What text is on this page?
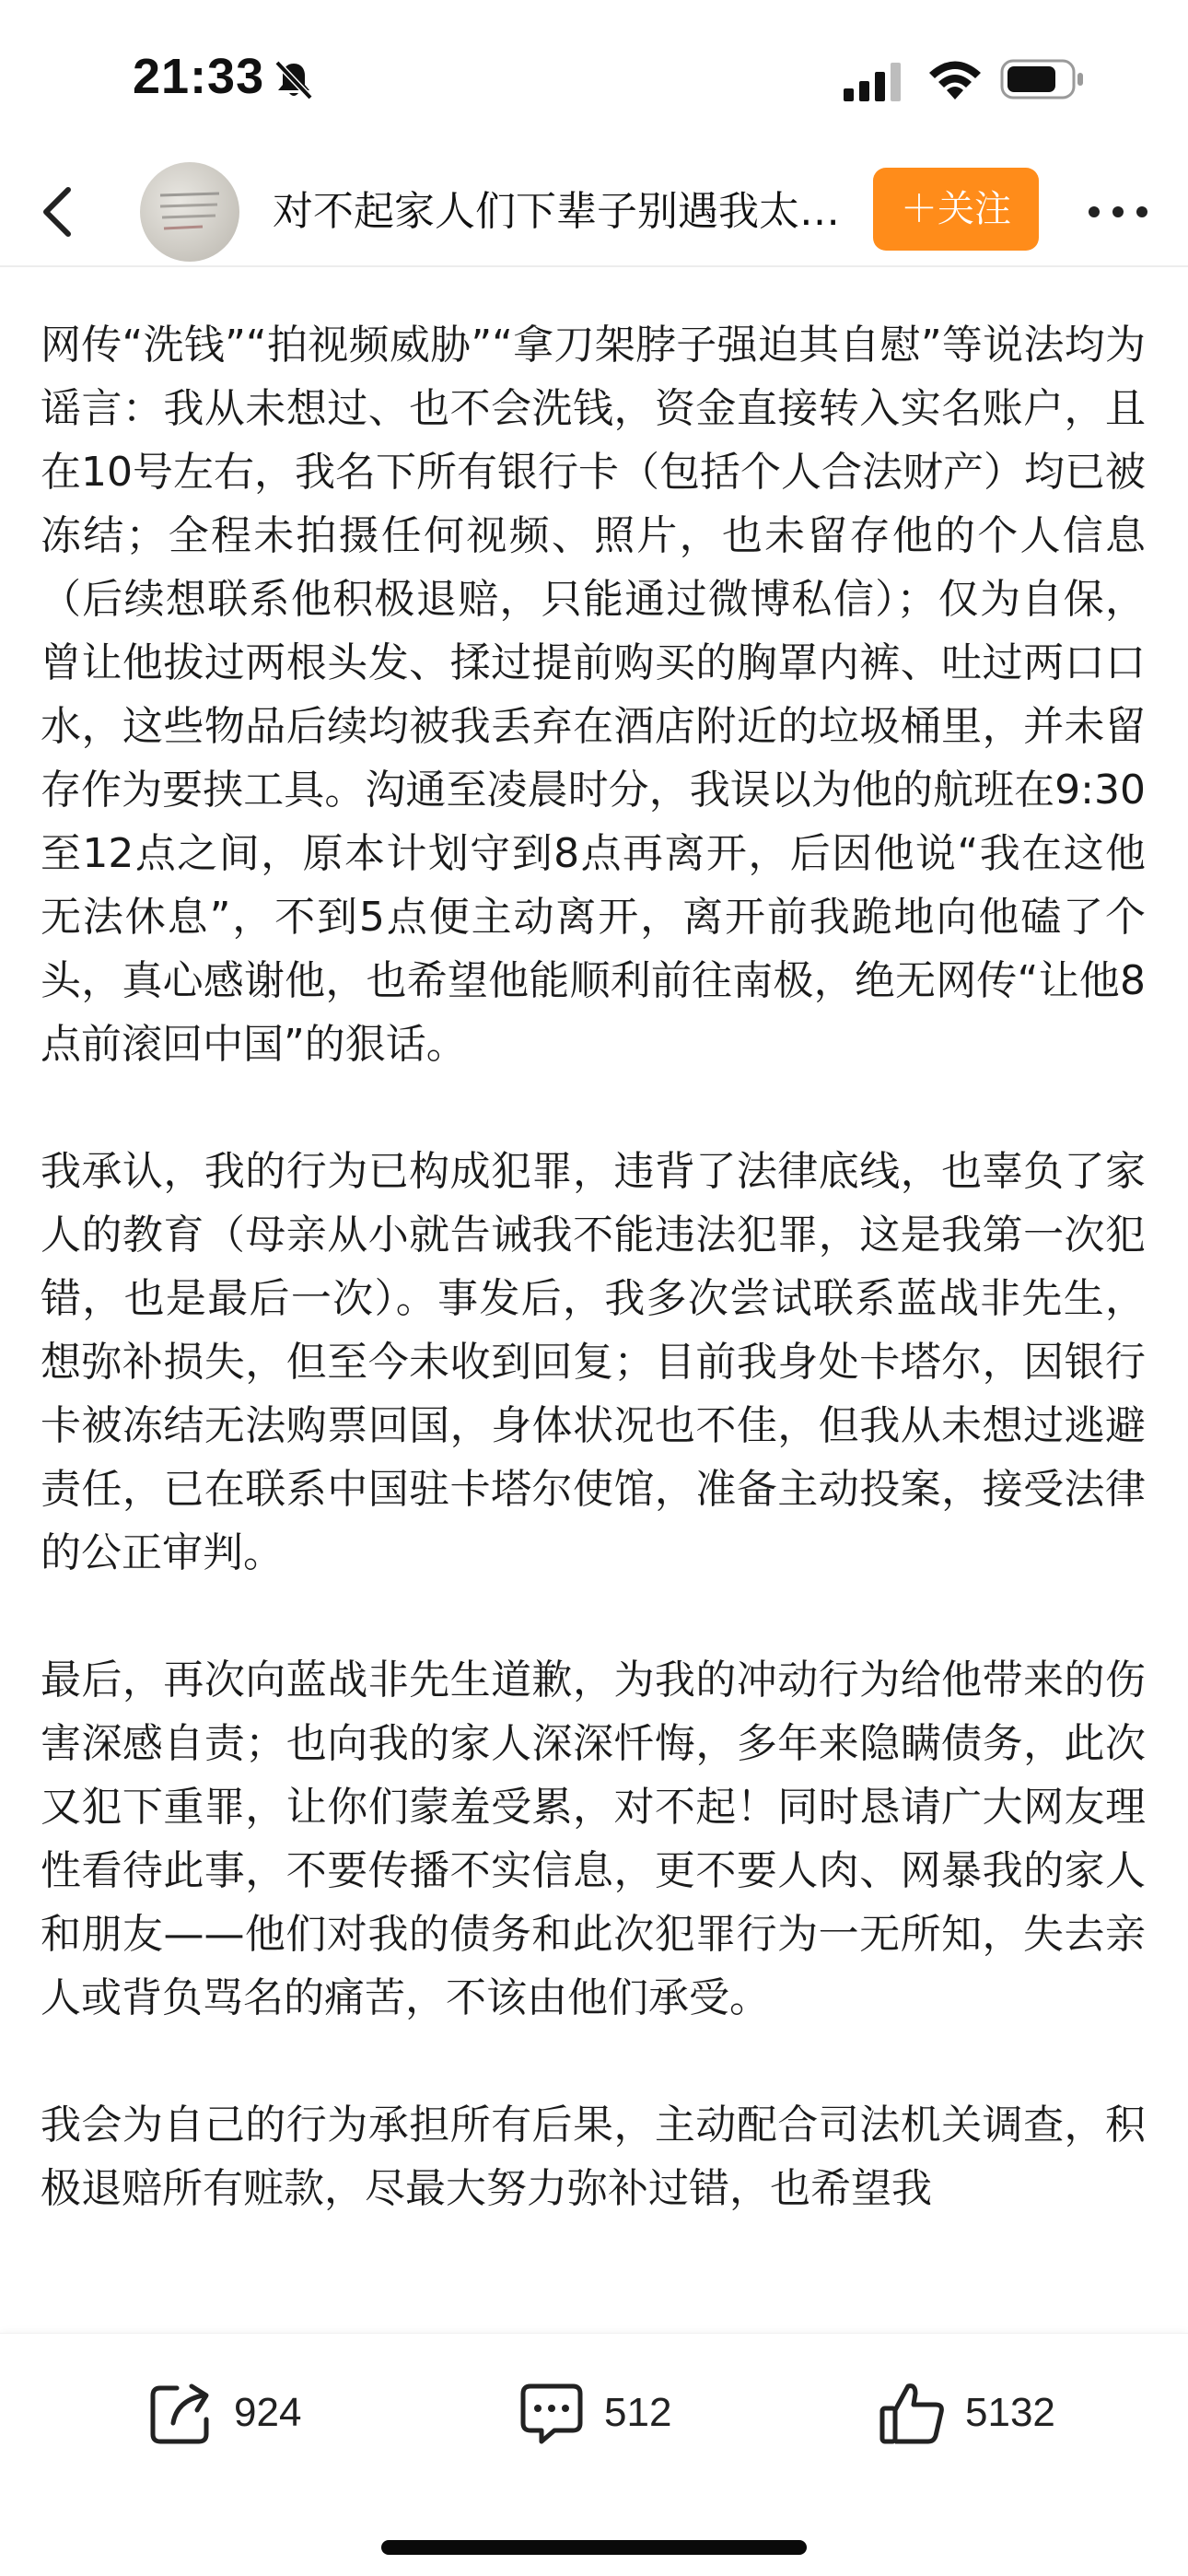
21:33
对不起家人们下辈子别遇我太…	＋关注

网传“洗钱”“拍视频威胁”“拿刀架脖子强迫其自慰”等说法均为谣言：我从未想过、也不会洗钱，资金直接转入实名账户，且在10号左右，我名下所有银行卡（包括个人合法财产）均已被冻结；全程未拍摄任何视频、照片，也未留存他的个人信息（后续想联系他积极退赔，只能通过微博私信）；仅为自保，曾让他拔过两根头发、揉过提前购买的胸罩内裤、吐过两口口水，这些物品后续均被我丢弃在酒店附近的垃圾桶里，并未留存作为要挟工具。沟通至凌晨时分，我误以为他的航班在9:30至12点之间，原本计划守到8点再离开，后因他说“我在这他无法休息”，不到5点便主动离开，离开前我跪地向他磕了个头，真心感谢他，也希望他能顺利前往南极，绝无网传“让他8点前滚回中国”的狠话。

我承认，我的行为已构成犯罪，违背了法律底线，也辜负了家人的教育（母亲从小就告诫我不能违法犯罪，这是我第一次犯错，也是最后一次）。事发后，我多次尝试联系蓝战非先生，想弥补损失，但至今未收到回复；目前我身处卡塔尔，因银行卡被冻结无法购票回国，身体状况也不佳，但我从未想过逃避责任，已在联系中国驻卡塔尔使馆，准备主动投案，接受法律的公正审判。

最后，再次向蓝战非先生道歉，为我的冲动行为给他带来的伤害深感自责；也向我的家人深深忏悔，多年来隐瞒债务，此次又犯下重罪，让你们蒙羞受累，对不起！同时恳请广大网友理性看待此事，不要传播不实信息，更不要人肉、网暴我的家人和朋友——他们对我的债务和此次犯罪行为一无所知，失去亲人或背负骂名的痛苦，不该由他们承受。

我会为自己的行为承担所有后果，主动配合司法机关调查，积极退赔所有赃款，尽最大努力弥补过错，也希望我

924	512	5132
